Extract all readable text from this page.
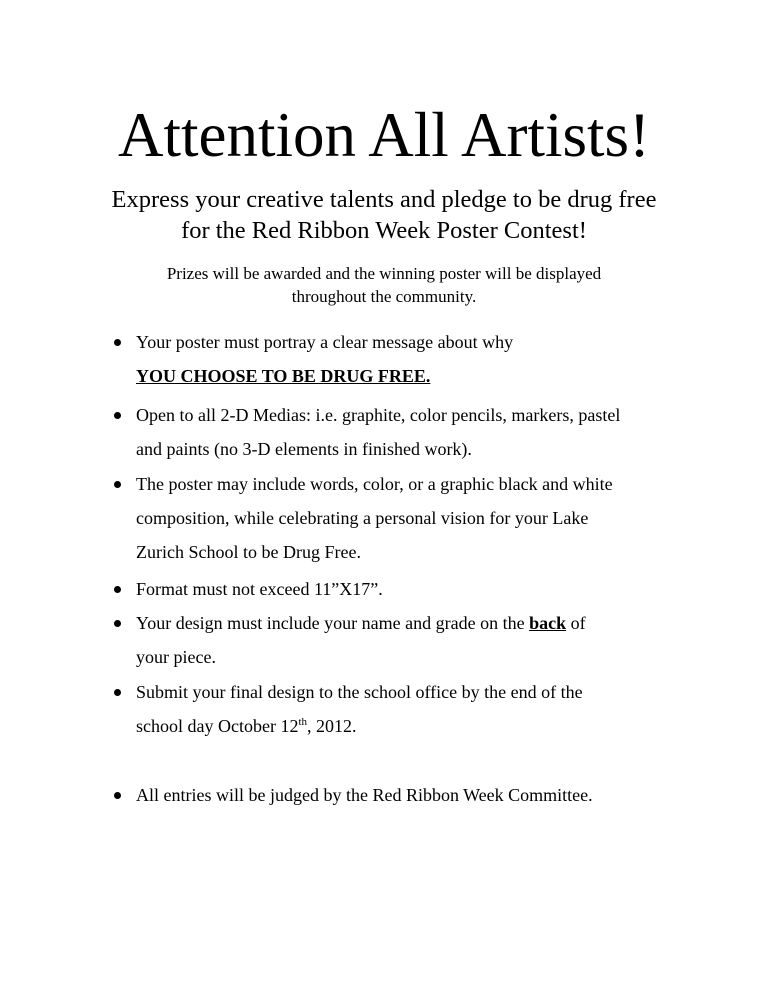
Attention All Artists!
Express your creative talents and pledge to be drug free
for the Red Ribbon Week Poster Contest!
Prizes will be awarded and the winning poster will be displayed
throughout the community.
Your poster must portray a clear message about why
YOU CHOOSE TO BE DRUG FREE.
Open to all 2-D Medias: i.e. graphite, color pencils, markers, pastel
and paints (no 3-D elements in finished work).
The poster may include words, color, or a graphic black and white
composition, while celebrating a personal vision for your Lake
Zurich School to be Drug Free.
Format must not exceed 11”X17”.
Your design must include your name and grade on the back of
your piece.
Submit your final design to the school office by the end of the
school day October 12th, 2012.
All entries will be judged by the Red Ribbon Week Committee.
